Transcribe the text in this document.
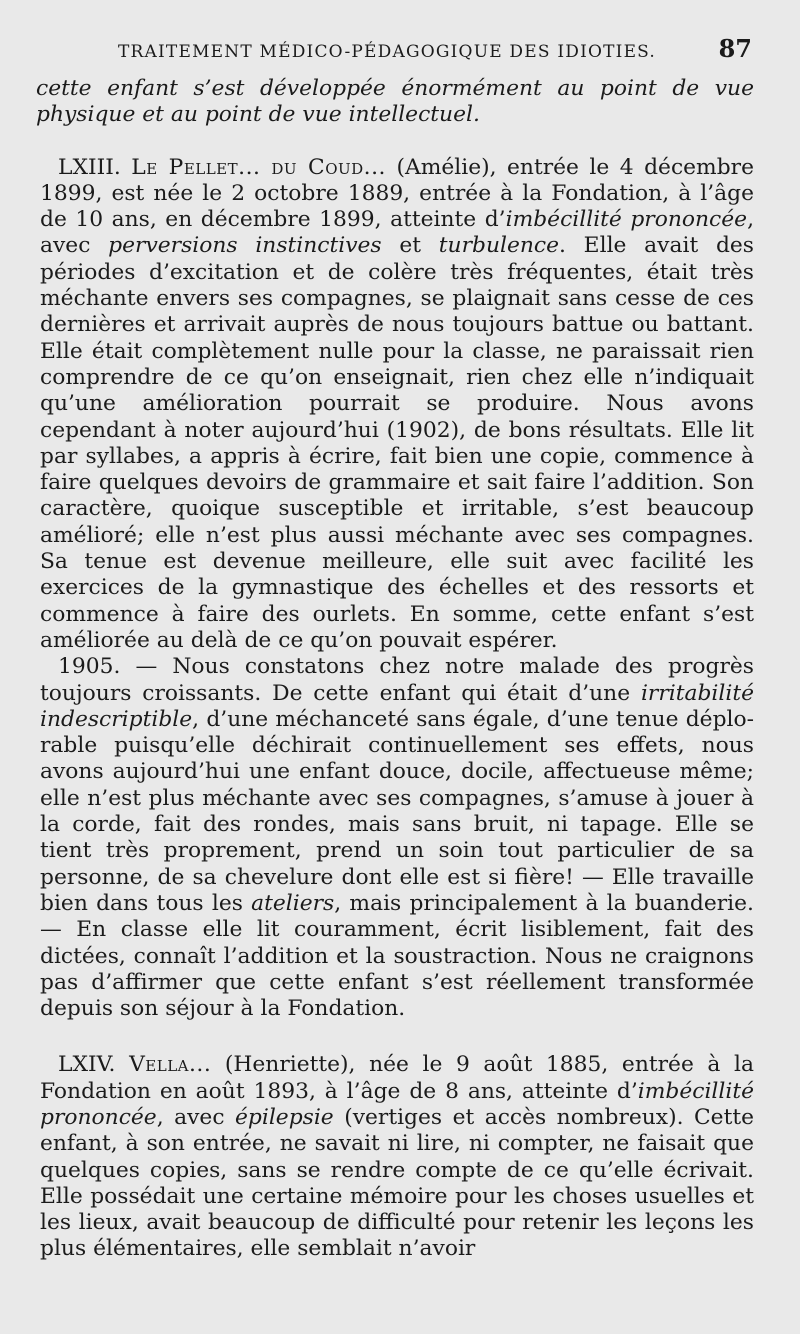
TRAITEMENT MÉDICO-PÉDAGOGIQUE DES IDIOTIES.	87

cette enfant s’est développée énormément au point de vue physique et au point de vue intellectuel.

LXIII. Le Pellet... du Coud... (Amélie), entrée le 4 décembre 1899, est née le 2 octobre 1889, entrée à la Fondation, à l’âge de 10 ans, en décembre 1899, atteinte d’imbécillité prononcée, avec perversions instinctives et turbulence. Elle avait des périodes d’excitation et de colère très fréquentes, était très méchante envers ses compagnes, se plaignait sans cesse de ces dernières et arrivait auprès de nous toujours battue ou battant. Elle était complètement nulle pour la classe, ne paraissait rien comprendre de ce qu’on enseignait, rien chez elle n’indiquait qu’une amélioration pourrait se produire. Nous avons cependant à noter aujourd’hui (1902), de bons résultats. Elle lit par syllabes, a appris à écrire, fait bien une copie, commence à faire quelques devoirs de grammaire et sait faire l’addition. Son caractère, quoique susceptible et irritable, s’est beaucoup amélioré; elle n’est plus aussi méchante avec ses compagnes. Sa tenue est devenue meilleure, elle suit avec facilité les exercices de la gymnastique des échelles et des ressorts et commence à faire des ourlets. En somme, cette enfant s’est améliorée au delà de ce qu’on pouvait espérer.

1905. — Nous constatons chez notre malade des progrès toujours croissants. De cette enfant qui était d’une irritabilité indescriptible, d’une méchanceté sans égale, d’une tenue déplorable puisqu’elle déchirait continuellement ses effets, nous avons aujourd’hui une enfant douce, docile, affectueuse même; elle n’est plus méchante avec ses compagnes, s’amuse à jouer à la corde, fait des rondes, mais sans bruit, ni tapage. Elle se tient très proprement, prend un soin tout particulier de sa personne, de sa chevelure dont elle est si fière! — Elle travaille bien dans tous les ateliers, mais principalement à la buanderie. — En classe elle lit couramment, écrit lisiblement, fait des dictées, connaît l’addition et la soustraction. Nous ne craignons pas d’affirmer que cette enfant s’est réellement transformée depuis son séjour à la Fondation.

LXIV. Vella... (Henriette), née le 9 août 1885, entrée à la Fondation en août 1893, à l’âge de 8 ans, atteinte d’imbécillité prononcée, avec épilepsie (vertiges et accès nombreux). Cette enfant, à son entrée, ne savait ni lire, ni compter, ne faisait que quelques copies, sans se rendre compte de ce qu’elle écrivait. Elle possédait une certaine mémoire pour les choses usuelles et les lieux, avait beaucoup de difficulté pour retenir les leçons les plus élémentaires, elle semblait n’avoir
